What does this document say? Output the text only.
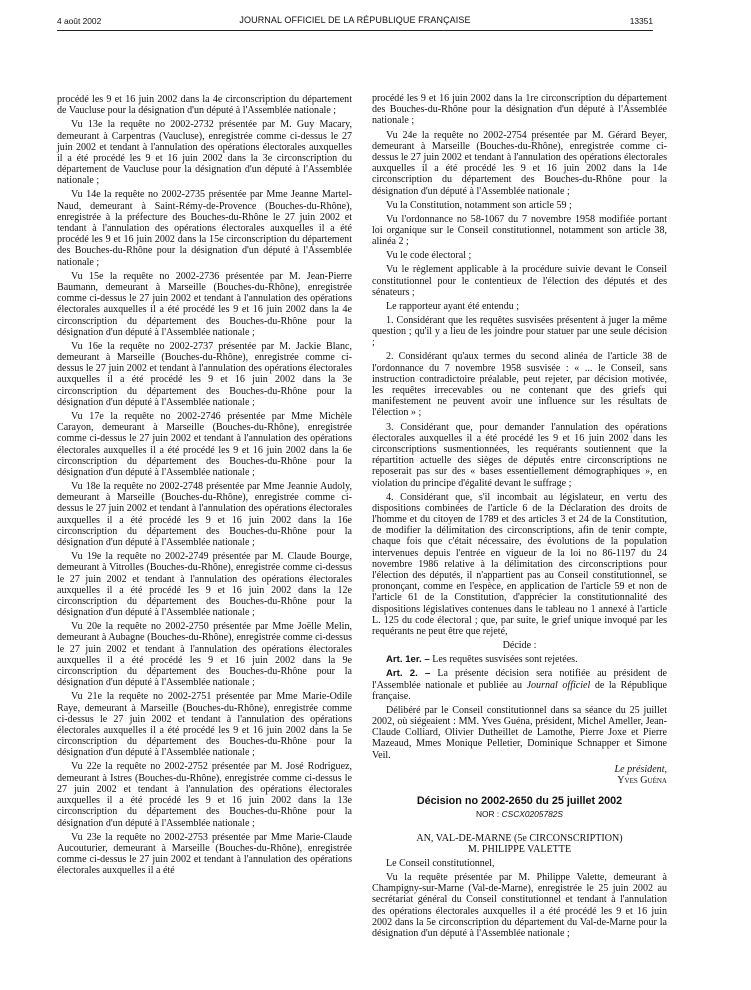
4 août 2002	JOURNAL OFFICIEL DE LA RÉPUBLIQUE FRANÇAISE	13351

procédé les 9 et 16 juin 2002 dans la 4e circonscription du département de Vaucluse pour la désignation d'un député à l'Assemblée nationale ;

Vu 13e la requête no 2002-2732 présentée par M. Guy Macary, demeurant à Carpentras (Vaucluse), enregistrée comme ci-dessus le 27 juin 2002 et tendant à l'annulation des opérations électorales auxquelles il a été procédé les 9 et 16 juin 2002 dans la 3e circonscription du département de Vaucluse pour la désignation d'un député à l'Assemblée nationale ;

Vu 14e la requête no 2002-2735 présentée par Mme Jeanne Martel-Naud, demeurant à Saint-Rémy-de-Provence (Bouches-du-Rhône), enregistrée à la préfecture des Bouches-du-Rhône le 27 juin 2002 et tendant à l'annulation des opérations électorales auxquelles il a été procédé les 9 et 16 juin 2002 dans la 15e circonscription du département des Bouches-du-Rhône pour la désignation d'un député à l'Assemblée nationale ;

Vu 15e la requête no 2002-2736 présentée par M. Jean-Pierre Baumann, demeurant à Marseille (Bouches-du-Rhône), enregistrée comme ci-dessus le 27 juin 2002 et tendant à l'annulation des opérations électorales auxquelles il a été procédé les 9 et 16 juin 2002 dans la 4e circonscription du département des Bouches-du-Rhône pour la désignation d'un député à l'Assemblée nationale ;

Vu 16e la requête no 2002-2737 présentée par M. Jackie Blanc, demeurant à Marseille (Bouches-du-Rhône), enregistrée comme ci-dessus le 27 juin 2002 et tendant à l'annulation des opérations électorales auxquelles il a été procédé les 9 et 16 juin 2002 dans la 3e circonscription du département des Bouches-du-Rhône pour la désignation d'un député à l'Assemblée nationale ;

Vu 17e la requête no 2002-2746 présentée par Mme Michèle Carayon, demeurant à Marseille (Bouches-du-Rhône), enregistrée comme ci-dessus le 27 juin 2002 et tendant à l'annulation des opérations électorales auxquelles il a été procédé les 9 et 16 juin 2002 dans la 6e circonscription du département des Bouches-du-Rhône pour la désignation d'un député à l'Assemblée nationale ;

Vu 18e la requête no 2002-2748 présentée par Mme Jeannie Audoly, demeurant à Marseille (Bouches-du-Rhône), enregistrée comme ci-dessus le 27 juin 2002 et tendant à l'annulation des opérations électorales auxquelles il a été procédé les 9 et 16 juin 2002 dans la 16e circonscription du département des Bouches-du-Rhône pour la désignation d'un député à l'Assemblée nationale ;

Vu 19e la requête no 2002-2749 présentée par M. Claude Bourge, demeurant à Vitrolles (Bouches-du-Rhône), enregistrée comme ci-dessus le 27 juin 2002 et tendant à l'annulation des opérations électorales auxquelles il a été procédé les 9 et 16 juin 2002 dans la 12e circonscription du département des Bouches-du-Rhône pour la désignation d'un député à l'Assemblée nationale ;

Vu 20e la requête no 2002-2750 présentée par Mme Joëlle Melin, demeurant à Aubagne (Bouches-du-Rhône), enregistrée comme ci-dessus le 27 juin 2002 et tendant à l'annulation des opérations électorales auxquelles il a été procédé les 9 et 16 juin 2002 dans la 9e circonscription du département des Bouches-du-Rhône pour la désignation d'un député à l'Assemblée nationale ;

Vu 21e la requête no 2002-2751 présentée par Mme Marie-Odile Raye, demeurant à Marseille (Bouches-du-Rhône), enregistrée comme ci-dessus le 27 juin 2002 et tendant à l'annulation des opérations électorales auxquelles il a été procédé les 9 et 16 juin 2002 dans la 5e circonscription du département des Bouches-du-Rhône pour la désignation d'un député à l'Assemblée nationale ;

Vu 22e la requête no 2002-2752 présentée par M. José Rodriguez, demeurant à Istres (Bouches-du-Rhône), enregistrée comme ci-dessus le 27 juin 2002 et tendant à l'annulation des opérations électorales auxquelles il a été procédé les 9 et 16 juin 2002 dans la 13e circonscription du département des Bouches-du-Rhône pour la désignation d'un député à l'Assemblée nationale ;

Vu 23e la requête no 2002-2753 présentée par Mme Marie-Claude Aucouturier, demeurant à Marseille (Bouches-du-Rhône), enregistrée comme ci-dessus le 27 juin 2002 et tendant à l'annulation des opérations électorales auxquelles il a été

procédé les 9 et 16 juin 2002 dans la 1re circonscription du département des Bouches-du-Rhône pour la désignation d'un député à l'Assemblée nationale ;

Vu 24e la requête no 2002-2754 présentée par M. Gérard Beyer, demeurant à Marseille (Bouches-du-Rhône), enregistrée comme ci-dessus le 27 juin 2002 et tendant à l'annulation des opérations électorales auxquelles il a été procédé les 9 et 16 juin 2002 dans la 14e circonscription du département des Bouches-du-Rhône pour la désignation d'un député à l'Assemblée nationale ;

Vu la Constitution, notamment son article 59 ;

Vu l'ordonnance no 58-1067 du 7 novembre 1958 modifiée portant loi organique sur le Conseil constitutionnel, notamment son article 38, alinéa 2 ;

Vu le code électoral ;

Vu le règlement applicable à la procédure suivie devant le Conseil constitutionnel pour le contentieux de l'élection des députés et des sénateurs ;

Le rapporteur ayant été entendu ;

1. Considérant que les requêtes susvisées présentent à juger la même question ; qu'il y a lieu de les joindre pour statuer par une seule décision ;

2. Considérant qu'aux termes du second alinéa de l'article 38 de l'ordonnance du 7 novembre 1958 susvisée : « ... le Conseil, sans instruction contradictoire préalable, peut rejeter, par décision motivée, les requêtes irrecevables ou ne contenant que des griefs qui manifestement ne peuvent avoir une influence sur les résultats de l'élection » ;

3. Considérant que, pour demander l'annulation des opérations électorales auxquelles il a été procédé les 9 et 16 juin 2002 dans les circonscriptions susmentionnées, les requérants soutiennent que la répartition actuelle des sièges de députés entre circonscriptions ne reposerait pas sur des « bases essentiellement démographiques », en violation du principe d'égalité devant le suffrage ;

4. Considérant que, s'il incombait au législateur, en vertu des dispositions combinées de l'article 6 de la Déclaration des droits de l'homme et du citoyen de 1789 et des articles 3 et 24 de la Constitution, de modifier la délimitation des circonscriptions, afin de tenir compte, chaque fois que c'était nécessaire, des évolutions de la population intervenues depuis l'entrée en vigueur de la loi no 86-1197 du 24 novembre 1986 relative à la délimitation des circonscriptions pour l'élection des députés, il n'appartient pas au Conseil constitutionnel, se prononçant, comme en l'espèce, en application de l'article 59 et non de l'article 61 de la Constitution, d'apprécier la constitutionnalité des dispositions législatives contenues dans le tableau no 1 annexé à l'article L. 125 du code électoral ; que, par suite, le grief unique invoqué par les requérants ne peut être que rejeté,

Décide :

Art. 1er. – Les requêtes susvisées sont rejetées.

Art. 2. – La présente décision sera notifiée au président de l'Assemblée nationale et publiée au Journal officiel de la République française.

Délibéré par le Conseil constitutionnel dans sa séance du 25 juillet 2002, où siégeaient : MM. Yves Guéna, président, Michel Ameller, Jean-Claude Colliard, Olivier Dutheillet de Lamothe, Pierre Joxe et Pierre Mazeaud, Mmes Monique Pelletier, Dominique Schnapper et Simone Veil.

Le président,

Yves Guéna

Décision no 2002-2650 du 25 juillet 2002
NOR : CSCX0205782S

AN, VAL-DE-MARNE (5e CIRCONSCRIPTION)

M. PHILIPPE VALETTE

Le Conseil constitutionnel,

Vu la requête présentée par M. Philippe Valette, demeurant à Champigny-sur-Marne (Val-de-Marne), enregistrée le 25 juin 2002 au secrétariat général du Conseil constitutionnel et tendant à l'annulation des opérations électorales auxquelles il a été procédé les 9 et 16 juin 2002 dans la 5e circonscription du département du Val-de-Marne pour la désignation d'un député à l'Assemblée nationale ;
